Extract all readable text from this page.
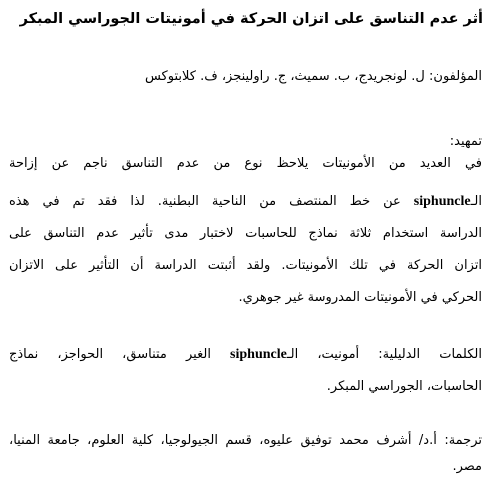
أثر عدم التناسق على اتزان الحركة في أمونيتات الجوراسي المبكر
المؤلفون: ل. لونجريدج، ب. سميث، ج. راولينجز، ف. كلابتوكس
تمهيد:
في العديد من الأمونيتات يلاحظ نوع من عدم التناسق ناجم عن إزاحة
الـsiphuncle عن خط المنتصف من الناحية البطنية. لذا فقد تم في هذه
الدراسة استخدام ثلاثة نماذج للحاسبات لاختبار مدى تأثير عدم التناسق على
اتزان الحركة في تلك الأمونيتات. ولقد أثبتت الدراسة أن التأثير على الاتزان
الحركي في الأمونيتات المدروسة غير جوهري.
الكلمات الدليلية: أمونيت، الـsiphuncle الغير متناسق، الحواجز، نماذج
الحاسبات، الجوراسي المبكر.
ترجمة: أ.د/ أشرف محمد توفيق عليوه، قسم الجيولوجيا، كلية العلوم، جامعة المنيا،
مصر.
